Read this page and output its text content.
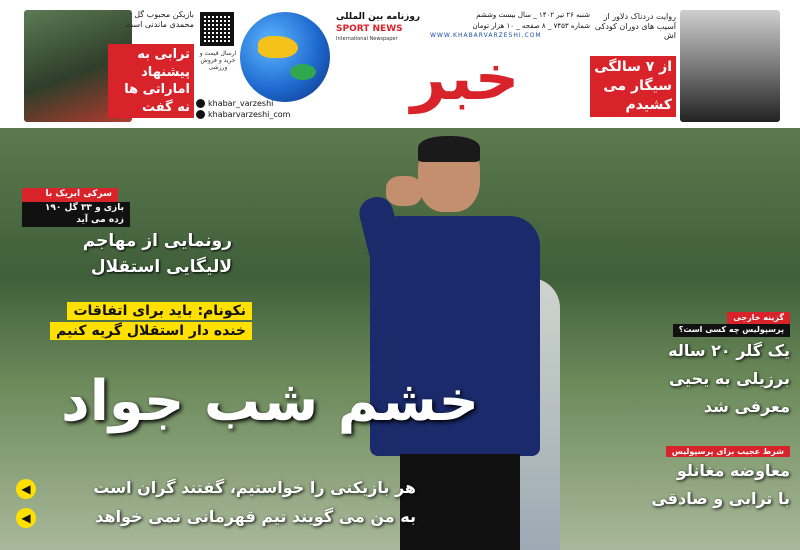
بازیکن محبوب گل محمدی ماندنی است
ترابی به پیشنهاد اماراتی ها نه گفت
ارسال قیمت و خرید و فروش ورزشی
khabar_varzeshi
khabarvarzeshi_com
روزنامه بین المللی
SPORT NEWS
International Newspaper
شنبه ۲۶ تیر ۱۴۰۲ _ سال بیست وششم
شماره ۷۴۵۳ _ ۸ صفحه _ ۱۰ هزار تومان
WWW.KHABARVARZESHI.COM
خبر
روایت دردناک دلاور از آسیب های دوران کودکی اش
از ۷ سالگی سیگار می کشیدم
سرکی ابریک با
۱۹۰ بازی و ۳۳ گل زده می آید
رونمایی از مهاجم
لالیگایی استقلال
نکونام: باید برای اتفاقات
خنده دار استقلال گریه کنیم
خشم شب جواد
◀	هر بازیکنی را خواستیم، گفتند گران است
◀	به من می گویند تیم قهرمانی نمی خواهد
گزینه خارجی
پرسپولیس چه کسی است؟
یک گلر ۲۰ ساله
برزیلی به یحیی
معرفی شد
شرط عجیب برای پرسپولیس
معاوضه مغانلو
با ترابی و صادقی
